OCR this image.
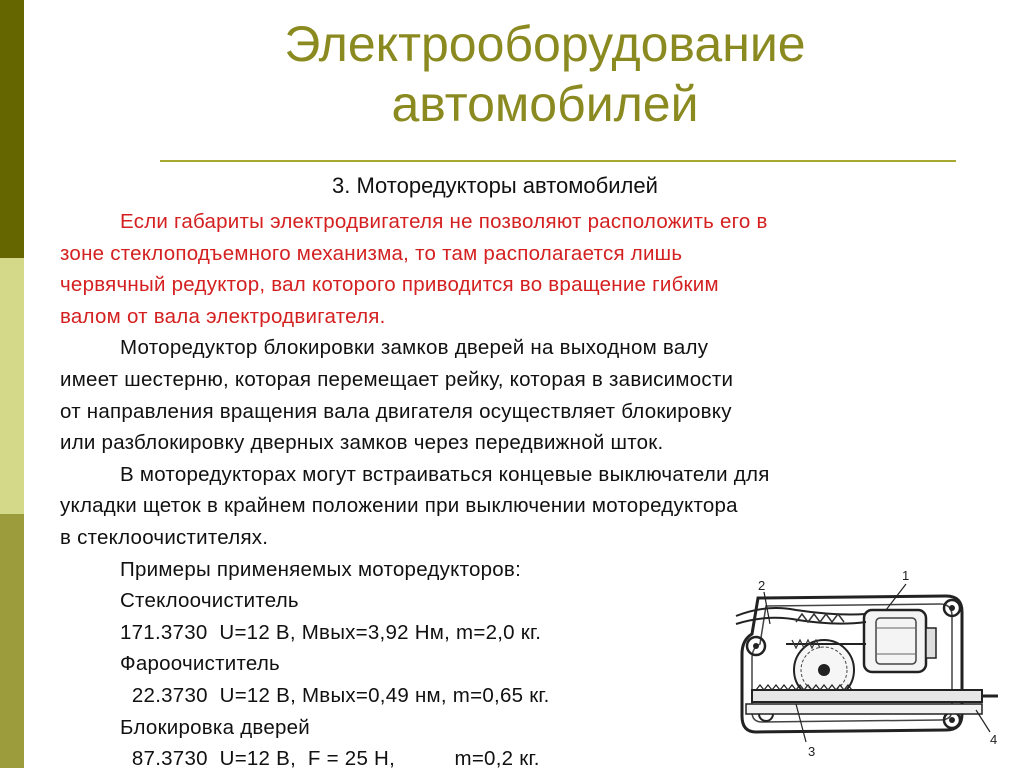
Электрооборудование
автомобилей
3. Моторедукторы автомобилей
Если габариты электродвигателя не позволяют расположить его в
зоне стеклоподъемного механизма, то там располагается лишь
червячный редуктор, вал которого приводится во вращение гибким
валом от вала электродвигателя.
Моторедуктор блокировки замков дверей на выходном валу
имеет шестерню, которая перемещает рейку, которая в зависимости
от направления вращения вала двигателя осуществляет блокировку
или разблокировку дверных замков через передвижной шток.
В моторедукторах могут встраиваться концевые выключатели для
укладки щеток в крайнем положении при выключении моторедуктора
в стеклоочистителях.
Примеры применяемых моторедукторов:
Стеклоочиститель
171.3730  U=12 В, Мвых=3,92 Нм, m=2,0 кг.
Фароочиститель
22.3730  U=12 В, Мвых=0,49 нм, m=0,65 кг.
Блокировка дверей
87.3730  U=12 В,  F = 25 Н,          m=0,2 кг.
1
2
3
4
